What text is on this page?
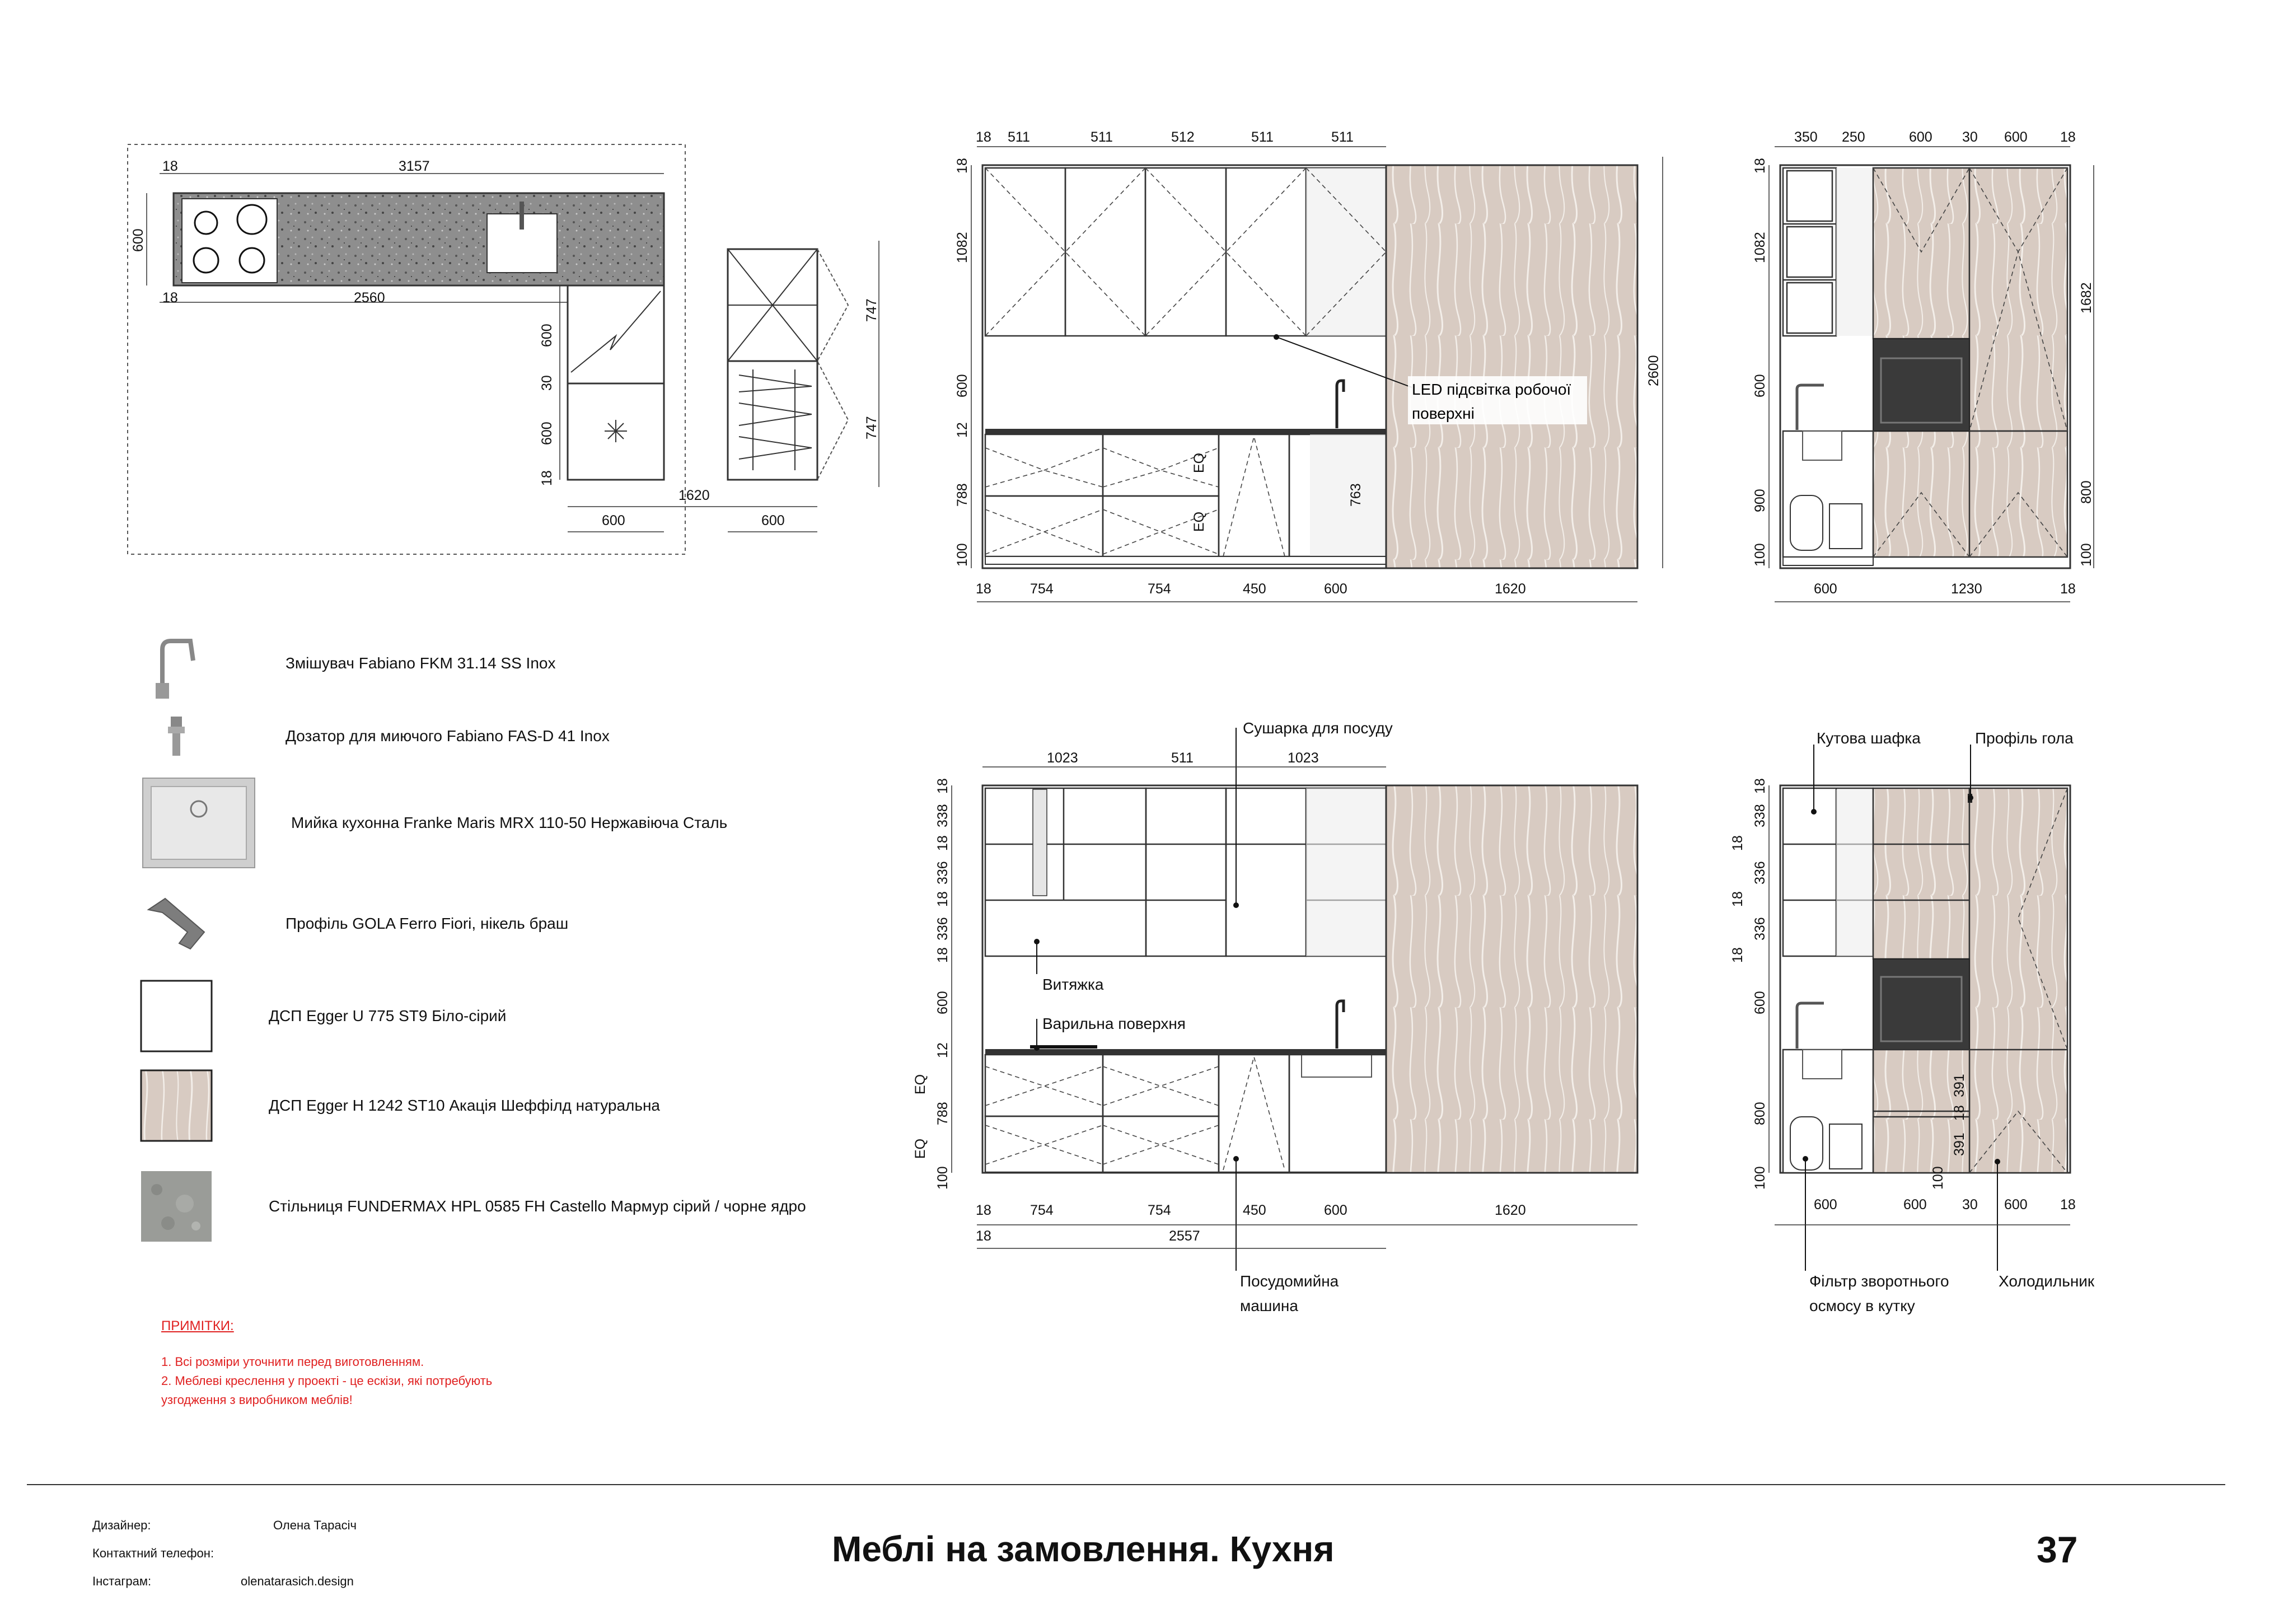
18	3157
18	2560
600
600
30
600
18
747
747
1620
600	600
LED підсвітка робочої
поверхні
18 511	511	512	511	511
18
1082
600
12
788
100
2600
EQ
EQ
763
18	754	754	450	600	1620
350 250	600 30 600 18
18
1082
600
900
100
1682
800
100
600	1230	18
Сушарка для посуду
Витяжка
Варильна поверхня
Посудомийна
машина
1023	511	1023
18
338
18
336
18
336
18
600
12
EQ
788
EQ
100
18	754	754	450	600	1620
18	2557
Кутова шафка	Профіль гола
Фільтр зворотнього
осмосу в кутку
Холодильник
18
338
18
336
18
336
18
600
800
100
391
18
391
100
600	600	30 600 18
Змішувач Fabiano FKM 31.14 SS Inox
Дозатор для миючого Fabiano FAS-D 41 Inox
Мийка кухонна Franke Maris MRX 110-50 Нержавіюча Сталь
Профіль GOLA Ferro Fiori, нікель браш
ДСП Egger U 775 ST9 Біло-сірий
ДСП Egger H 1242 ST10 Акація Шеффілд натуральна
Стільниця FUNDERMAX HPL 0585 FH Castello Мармур сірий / чорне ядро
ПРИМІТКИ:
1. Всі розміри уточнити перед виготовленням.
2. Меблеві креслення у проекті - це ескізи, які потребують
узгодження з виробником меблів!
Дизайнер:	Олена Тарасіч
Контактний телефон:
Інстаграм:	olenatarasich.design
Меблі на замовлення. Кухня	37
